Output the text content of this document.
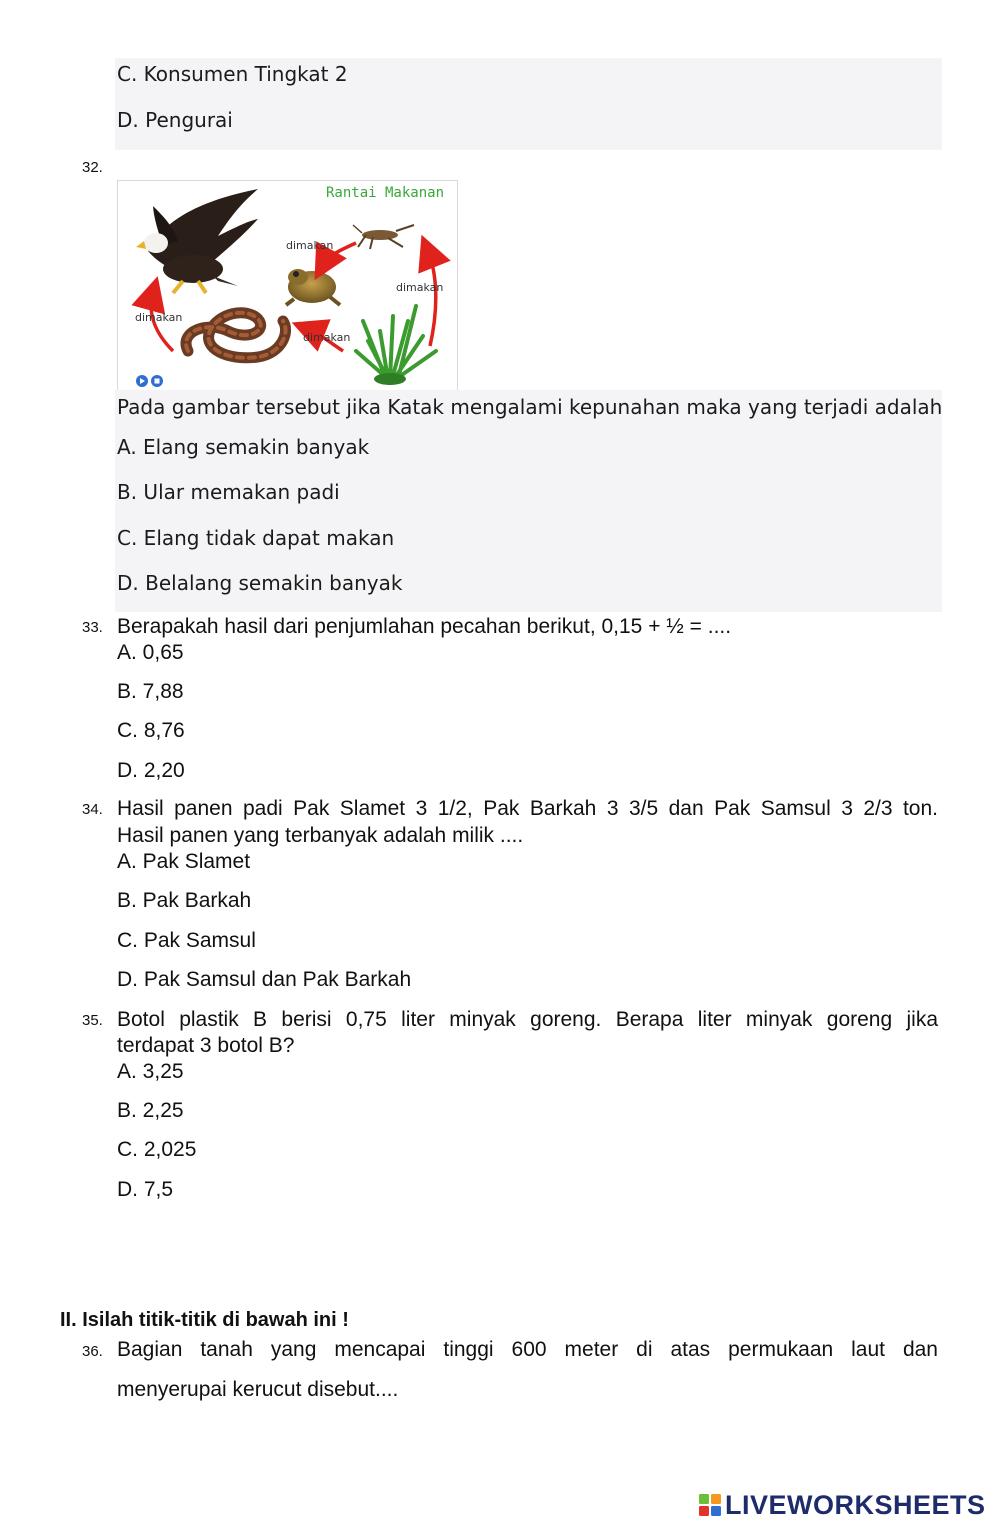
C. Konsumen Tingkat 2
D. Pengurai
32.
Rantai Makanan
dimakan
dimakan
dimakan
dimakan
Pada gambar tersebut jika Katak mengalami kepunahan maka yang terjadi adalah
A. Elang semakin banyak
B. Ular memakan padi
C. Elang tidak dapat makan
D. Belalang semakin banyak
33. Berapakah hasil dari penjumlahan pecahan berikut, 0,15 + ½ = ....
A. 0,65
B. 7,88
C. 8,76
D. 2,20
34. Hasil panen padi Pak Slamet 3 1/2, Pak Barkah 3 3/5 dan Pak Samsul 3 2/3 ton.
Hasil panen yang terbanyak adalah milik ....
A. Pak Slamet
B. Pak Barkah
C. Pak Samsul
D. Pak Samsul dan Pak Barkah
35. Botol plastik B berisi 0,75 liter minyak goreng. Berapa liter minyak goreng jika
terdapat 3 botol B?
A. 3,25
B. 2,25
C. 2,025
D. 7,5
II. Isilah titik-titik di bawah ini !
36. Bagian tanah yang mencapai tinggi 600 meter di atas permukaan laut dan
menyerupai kerucut disebut....
LIVEWORKSHEETS
